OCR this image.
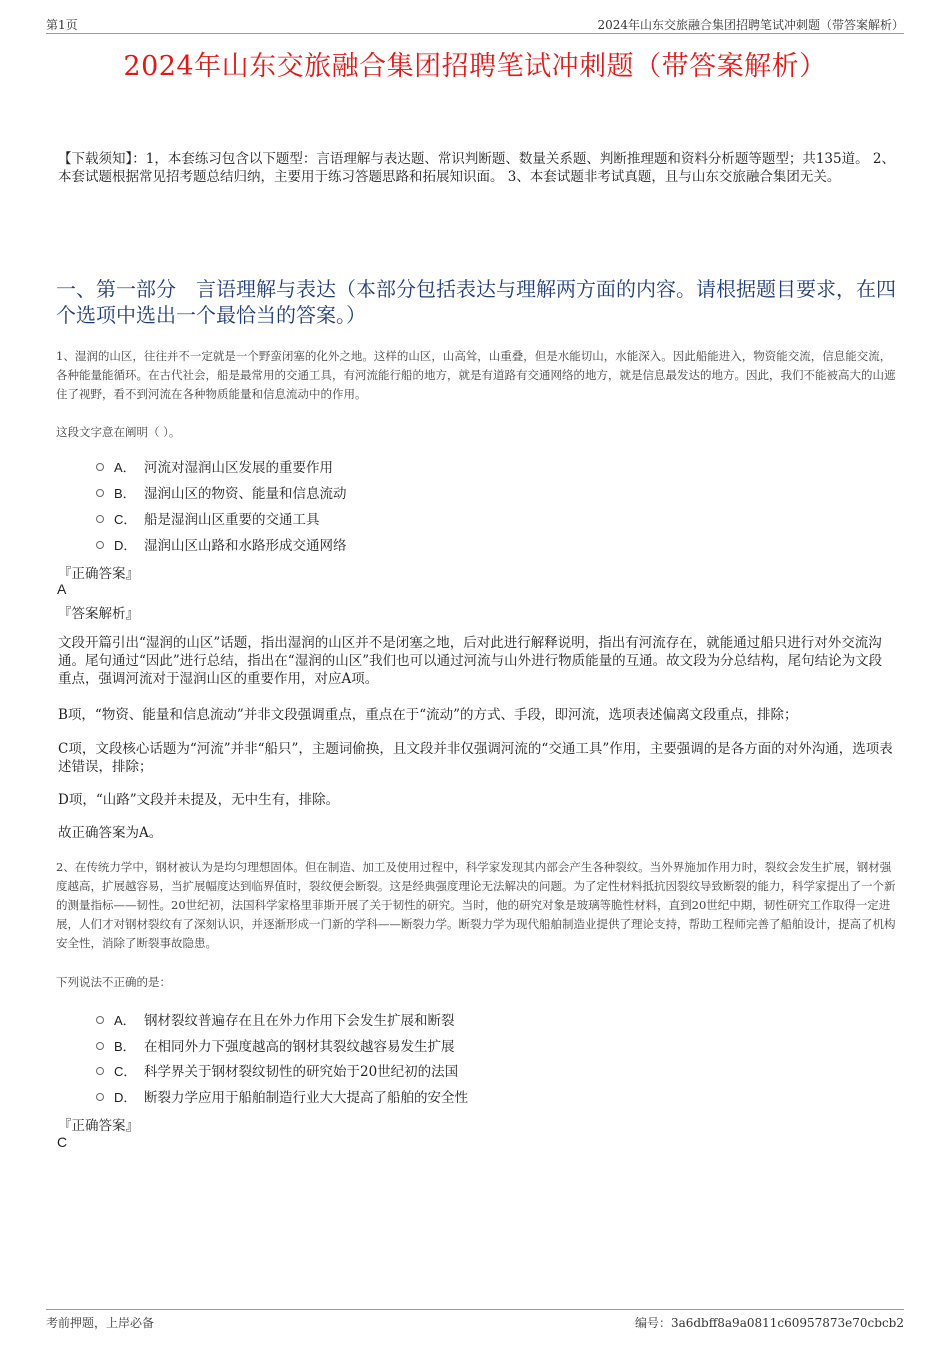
第1页	2024年山东交旅融合集团招聘笔试冲刺题（带答案解析）
2024年山东交旅融合集团招聘笔试冲刺题（带答案解析）
【下载须知】：1，本套练习包含以下题型：言语理解与表达题、常识判断题、数量关系题、判断推理题和资料分析题等题型；共135道。 2、本套试题根据常见招考题总结归纳，主要用于练习答题思路和拓展知识面。 3、本套试题非考试真题，且与山东交旅融合集团无关。
一、第一部分　言语理解与表达（本部分包括表达与理解两方面的内容。请根据题目要求，在四个选项中选出一个最恰当的答案。）
1、湿润的山区，往往并不一定就是一个野蛮闭塞的化外之地。这样的山区，山高耸，山重叠，但是水能切山，水能深入。因此船能进入，物资能交流，信息能交流，各种能量能循环。在古代社会，船是最常用的交通工具，有河流能行船的地方，就是有道路有交通网络的地方，就是信息最发达的地方。因此，我们不能被高大的山遮住了视野，看不到河流在各种物质能量和信息流动中的作用。
这段文字意在阐明（ ）。
A． 河流对湿润山区发展的重要作用
B． 湿润山区的物资、能量和信息流动
C． 船是湿润山区重要的交通工具
D． 湿润山区山路和水路形成交通网络
『正确答案』
A
『答案解析』
文段开篇引出“湿润的山区”话题，指出湿润的山区并不是闭塞之地，后对此进行解释说明，指出有河流存在，就能通过船只进行对外交流沟通。尾句通过“因此”进行总结，指出在“湿润的山区”我们也可以通过河流与山外进行物质能量的互通。故文段为分总结构，尾句结论为文段重点，强调河流对于湿润山区的重要作用，对应A项。
B项，“物资、能量和信息流动”并非文段强调重点，重点在于“流动”的方式、手段，即河流，选项表述偏离文段重点，排除；
C项，文段核心话题为“河流”并非“船只”，主题词偷换，且文段并非仅强调河流的“交通工具”作用，主要强调的是各方面的对外沟通，选项表述错误，排除；
D项，“山路”文段并未提及，无中生有，排除。
故正确答案为A。
2、在传统力学中，钢材被认为是均匀理想固体。但在制造、加工及使用过程中，科学家发现其内部会产生各种裂纹。当外界施加作用力时，裂纹会发生扩展，钢材强度越高，扩展越容易，当扩展幅度达到临界值时，裂纹便会断裂。这是经典强度理论无法解决的问题。为了定性材料抵抗因裂纹导致断裂的能力，科学家提出了一个新的测量指标——韧性。20世纪初，法国科学家格里菲斯开展了关于韧性的研究。当时，他的研究对象是玻璃等脆性材料，直到20世纪中期，韧性研究工作取得一定进展，人们才对钢材裂纹有了深刻认识，并逐渐形成一门新的学科——断裂力学。断裂力学为现代船舶制造业提供了理论支持，帮助工程师完善了船舶设计，提高了机构安全性，消除了断裂事故隐患。
下列说法不正确的是：
A． 钢材裂纹普遍存在且在外力作用下会发生扩展和断裂
B． 在相同外力下强度越高的钢材其裂纹越容易发生扩展
C． 科学界关于钢材裂纹韧性的研究始于20世纪初的法国
D． 断裂力学应用于船舶制造行业大大提高了船舶的安全性
『正确答案』
C
考前押题，上岸必备	编号：3a6dbff8a9a0811c60957873e70cbcb2
